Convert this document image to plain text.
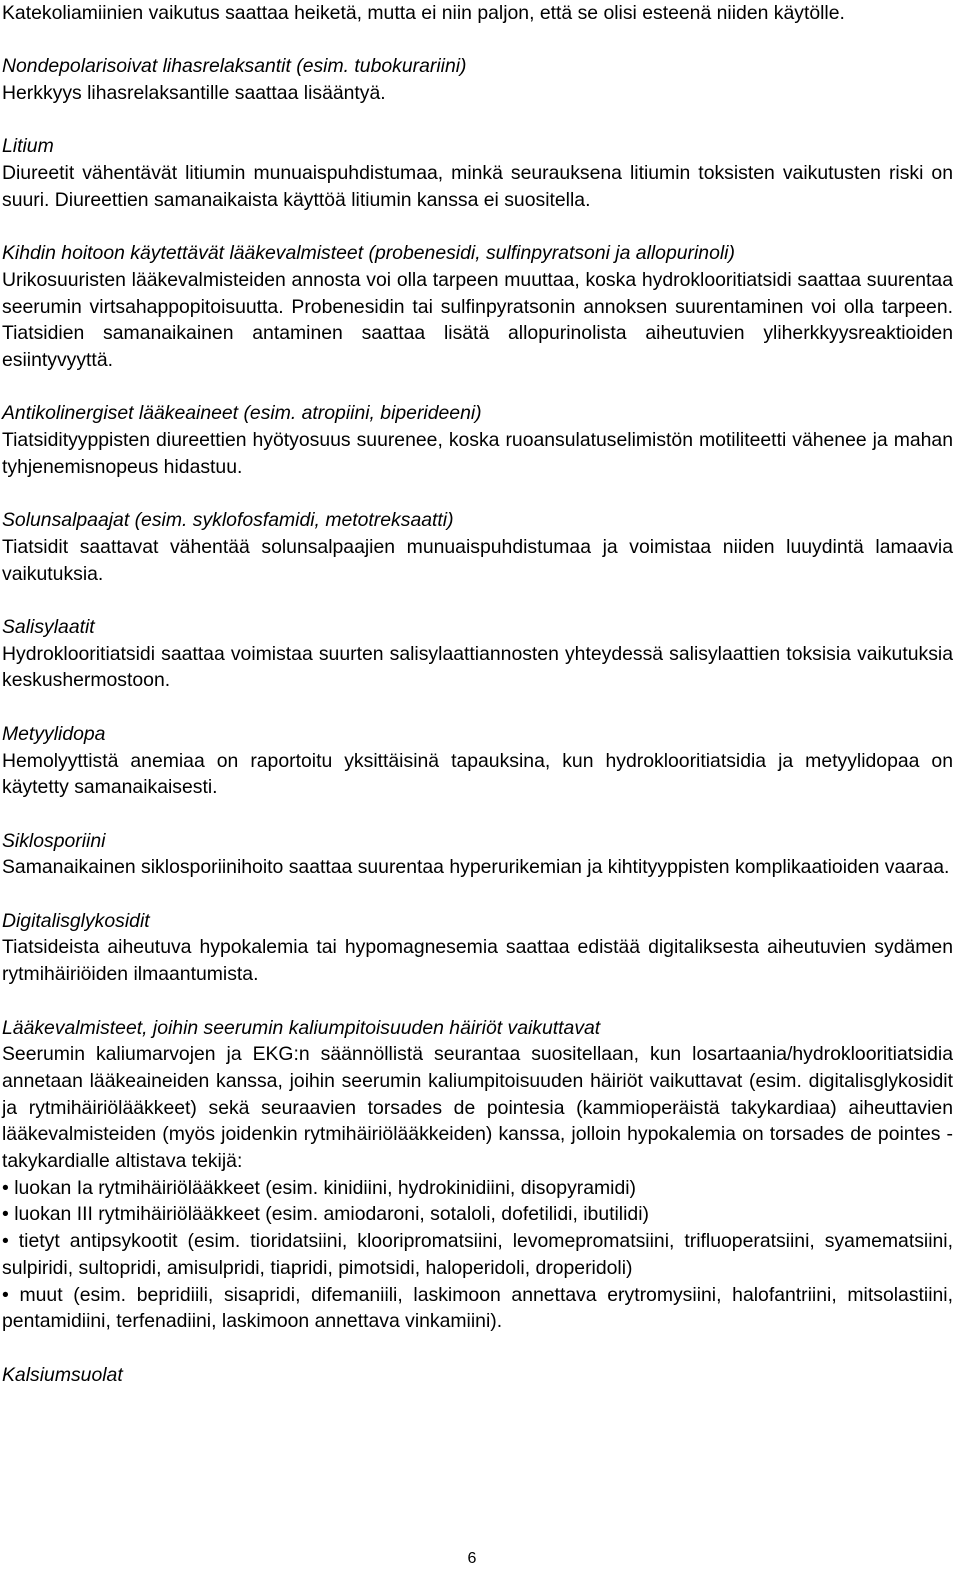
Katekoliamiinien vaikutus saattaa heiketä, mutta ei niin paljon, että se olisi esteenä niiden käytölle.

Nondepolarisoivat lihasrelaksantit (esim. tubokurariini)

Herkkyys lihasrelaksantille saattaa lisääntyä.

Litium

Diureetit vähentävät litiumin munuaispuhdistumaa, minkä seurauksena litiumin toksisten vaikutusten riski on suuri. Diureettien samanaikaista käyttöä litiumin kanssa ei suositella.

Kihdin hoitoon käytettävät lääkevalmisteet (probenesidi, sulfinpyratsoni ja allopurinoli)

Urikosuuristen lääkevalmisteiden annosta voi olla tarpeen muuttaa, koska hydroklooritiatsidi saattaa suurentaa seerumin virtsahappopitoisuutta. Probenesidin tai sulfinpyratsonin annoksen suurentaminen voi olla tarpeen. Tiatsidien samanaikainen antaminen saattaa lisätä allopurinolista aiheutuvien yliherkkyysreaktioiden esiintyvyyttä.

Antikolinergiset lääkeaineet (esim. atropiini, biperideeni)

Tiatsidityyppisten diureettien hyötyosuus suurenee, koska ruoansulatuselimistön motiliteetti vähenee ja mahan tyhjenemisnopeus hidastuu.

Solunsalpaajat (esim. syklofosfamidi, metotreksaatti)

Tiatsidit saattavat vähentää solunsalpaajien munuaispuhdistumaa ja voimistaa niiden luuydintä lamaavia vaikutuksia.

Salisylaatit

Hydroklooritiatsidi saattaa voimistaa suurten salisylaattiannosten yhteydessä salisylaattien toksisia vaikutuksia keskushermostoon.

Metyylidopa

Hemolyyttistä anemiaa on raportoitu yksittäisinä tapauksina, kun hydroklooritiatsidia ja metyylidopaa on käytetty samanaikaisesti.

Siklosporiini

Samanaikainen siklosporiinihoito saattaa suurentaa hyperurikemian ja kihtityyppisten komplikaatioiden vaaraa.

Digitalisglykosidit

Tiatsideista aiheutuva hypokalemia tai hypomagnesemia saattaa edistää digitaliksesta aiheutuvien sydämen rytmihäiriöiden ilmaantumista.

Lääkevalmisteet, joihin seerumin kaliumpitoisuuden häiriöt vaikuttavat

Seerumin kaliumarvojen ja EKG:n säännöllistä seurantaa suositellaan, kun losartaania/hydroklooritiatsidia annetaan lääkeaineiden kanssa, joihin seerumin kaliumpitoisuuden häiriöt vaikuttavat (esim. digitalisglykosidit ja rytmihäiriölääkkeet) sekä seuraavien torsades de pointesia (kammioperäistä takykardiaa) aiheuttavien lääkevalmisteiden (myös joidenkin rytmihäiriölääkkeiden) kanssa, jolloin hypokalemia on torsades de pointes -takykardialle altistava tekijä:

• luokan Ia rytmihäiriölääkkeet (esim. kinidiini, hydrokinidiini, disopyramidi)
• luokan III rytmihäiriölääkkeet (esim. amiodaroni, sotaloli, dofetilidi, ibutilidi)
• tietyt antipsykootit (esim. tioridatsiini, klooripromatsiini, levomepromatsiini, trifluoperatsiini, syamematsiini, sulpiridi, sultopridi, amisulpridi, tiapridi, pimotsidi, haloperidoli, droperidoli)
• muut (esim. bepridiili, sisapridi, difemaniili, laskimoon annettava erytromysiini, halofantriini, mitsolastiini, pentamidiini, terfenadiini, laskimoon annettava vinkamiini).

Kalsiumsuolat

6
